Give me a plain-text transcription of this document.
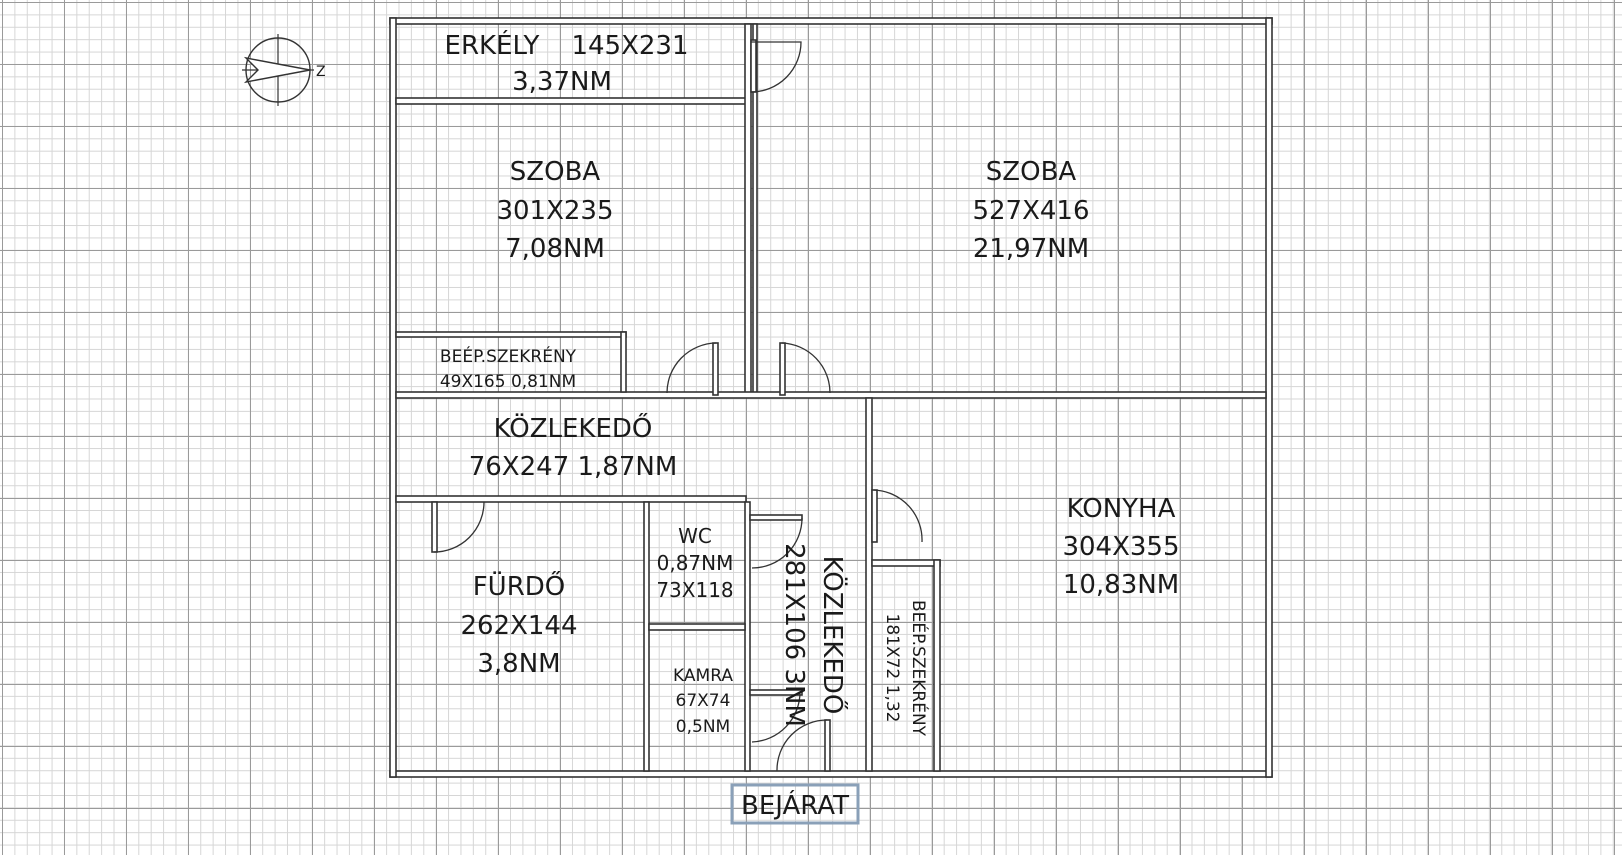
Z
ERKÉLY 145X231
3,37NM
SZOBA
301X235
7,08NM
SZOBA
527X416
21,97NM
BEÉP.SZEKRÉNY
49X165 0,81NM
KÖZLEKEDŐ
76X247 1,87NM
FÜRDŐ
262X144
3,8NM
WC
0,87NM
73X118
KAMRA
67X74
0,5NM
KÖZLEKEDŐ
281X106 3NM	BEÉP.SZEKRÉNY
181X72 1,32
KONYHA
304X355
10,83NM
BEJÁRAT
